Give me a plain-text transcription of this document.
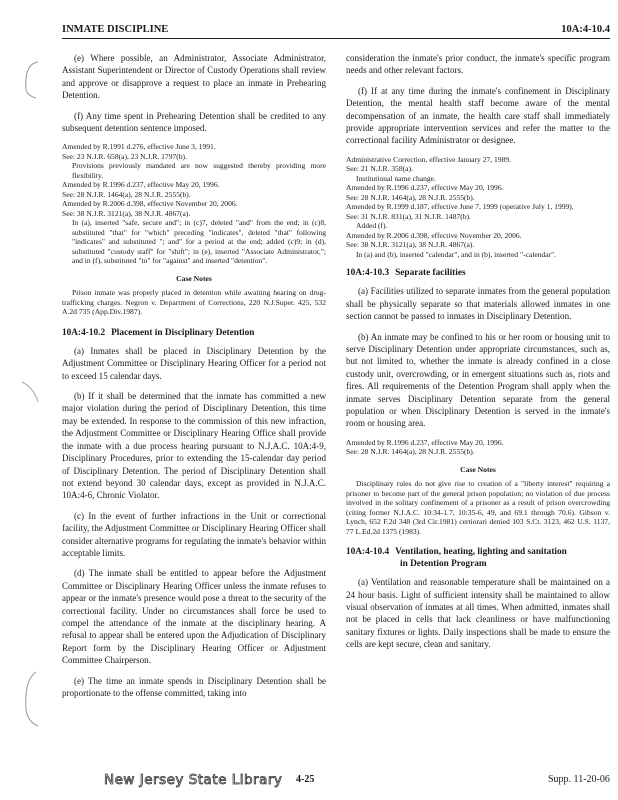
INMATE DISCIPLINE	10A:4-10.4

(e) Where possible, an Administrator, Associate Administrator, Assistant Superintendent or Director of Custody Operations shall review and approve or disapprove a request to place an inmate in Prehearing Detention.

(f) Any time spent in Prehearing Detention shall be credited to any subsequent detention sentence imposed.

Amended by R.1991 d.276, effective June 3, 1991.
See: 23 N.J.R. 658(a), 23 N.J.R. 1797(b).
Provisions previously mandated are now suggested thereby providing more flexibility.
Amended by R.1996 d.237, effective May 20, 1996.
See: 28 N.J.R. 1464(a), 28 N.J.R. 2555(b).
Amended by R.2006 d.398, effective November 20, 2006.
See: 38 N.J.R. 3121(a), 38 N.J.R. 4867(a).
In (a), inserted "safe, secure and"; in (c)7, deleted "and" from the end; in (c)8, substituted "that" for "which" preceding "indicates", deleted "that" following "indicates" and substituted "; and" for a period at the end; added (c)9; in (d), substituted "custody staff" for "shift"; in (e), inserted "Associate Administrator,"; and in (f), substituted "to" for "against" and inserted "detention".
Case Notes

Prison inmate was properly placed in detention while awaiting hearing on drug-trafficking charges. Negron v. Department of Corrections, 220 N.J.Super. 425, 532 A.2d 735 (App.Div.1987).

10A:4-10.2 Placement in Disciplinary Detention

(a) Inmates shall be placed in Disciplinary Detention by the Adjustment Committee or Disciplinary Hearing Officer for a period not to exceed 15 calendar days.

(b) If it shall be determined that the inmate has committed a new major violation during the period of Disciplinary Detention, this time may be extended. In response to the commission of this new infraction, the Adjustment Committee or Disciplinary Hearing Office shall provide the inmate with a due process hearing pursuant to N.J.A.C. 10A:4-9, Disciplinary Procedures, prior to extending the 15-calendar day period of Disciplinary Detention. The period of Disciplinary Detention shall not extend beyond 30 calendar days, except as provided in N.J.A.C. 10A:4-6, Chronic Violator.

(c) In the event of further infractions in the Unit or correctional facility, the Adjustment Committee or Disciplinary Hearing Officer shall consider alternative programs for regulating the inmate's behavior within acceptable limits.

(d) The inmate shall be entitled to appear before the Adjustment Committee or Disciplinary Hearing Officer unless the inmate refuses to appear or the inmate's presence would pose a threat to the security of the correctional facility. Under no circumstances shall force be used to compel the attendance of the inmate at the disciplinary hearing. A refusal to appear shall be entered upon the Adjudication of Disciplinary Report form by the Disciplinary Hearing Officer or Adjustment Committee Chairperson.

(e) The time an inmate spends in Disciplinary Detention shall be proportionate to the offense committed, taking into

consideration the inmate's prior conduct, the inmate's specific program needs and other relevant factors.

(f) If at any time during the inmate's confinement in Disciplinary Detention, the mental health staff become aware of the mental decompensation of an inmate, the health care staff shall immediately provide appropriate intervention services and refer the matter to the correctional facility Administrator or designee.

Administrative Correction, effective January 27, 1989.
See: 21 N.J.R. 358(a).
Institutional name change.
Amended by R.1996 d.237, effective May 20, 1996.
See: 28 N.J.R. 1464(a), 28 N.J.R. 2555(b).
Amended by R.1999 d.187, effective June 7, 1999 (operative July 1, 1999).
See: 31 N.J.R. 831(a), 31 N.J.R. 1487(b).
Added (f).
Amended by R.2006 d.398, effective November 20, 2006.
See: 38 N.J.R. 3121(a), 38 N.J.R. 4867(a).
In (a) and (b), inserted "calendar", and in (b), inserted "-calendar".
10A:4-10.3 Separate facilities

(a) Facilities utilized to separate inmates from the general population shall be physically separate so that materials allowed inmates in one section cannot be passed to inmates in Disciplinary Detention.

(b) An inmate may be confined to his or her room or housing unit to serve Disciplinary Detention under appropriate circumstances, such as, but not limited to, whether the inmate is already confined in a close custody unit, overcrowding, or in emergent situations such as, riots and fires. All requirements of the Detention Program shall apply when the inmate serves Disciplinary Detention separate from the general population or when Disciplinary Detention is served in the inmate's room or housing area.

Amended by R.1996 d.237, effective May 20, 1996.
See: 28 N.J.R. 1464(a), 28 N.J.R. 2555(b).
Case Notes

Disciplinary rules do not give rise to creation of a "liberty interest" requiring a prisoner to become part of the general prison population; no violation of due process involved in the solitary confinement of a prisoner as a result of prison overcrowding (citing former N.J.A.C. 10:34-1.7, 10:35-6, 49, and 69.1 through 70.6). Gibson v. Lynch, 652 F.2d 348 (3rd Cir.1981) certiorari denied 103 S.Ct. 3123, 462 U.S. 1137, 77 L.Ed.2d 1375 (1983).

10A:4-10.4 Ventilation, heating, lighting and sanitation
in Detention Program

(a) Ventilation and reasonable temperature shall be maintained on a 24 hour basis. Light of sufficient intensity shall be maintained to allow visual observation of inmates at all times. When admitted, inmates shall not be placed in cells that lack cleanliness or have malfunctioning sanitary fixtures or lights. Daily inspections shall be made to ensure the cells are kept secure, clean and sanitary.

New Jersey State Library 4-25	Supp. 11-20-06
